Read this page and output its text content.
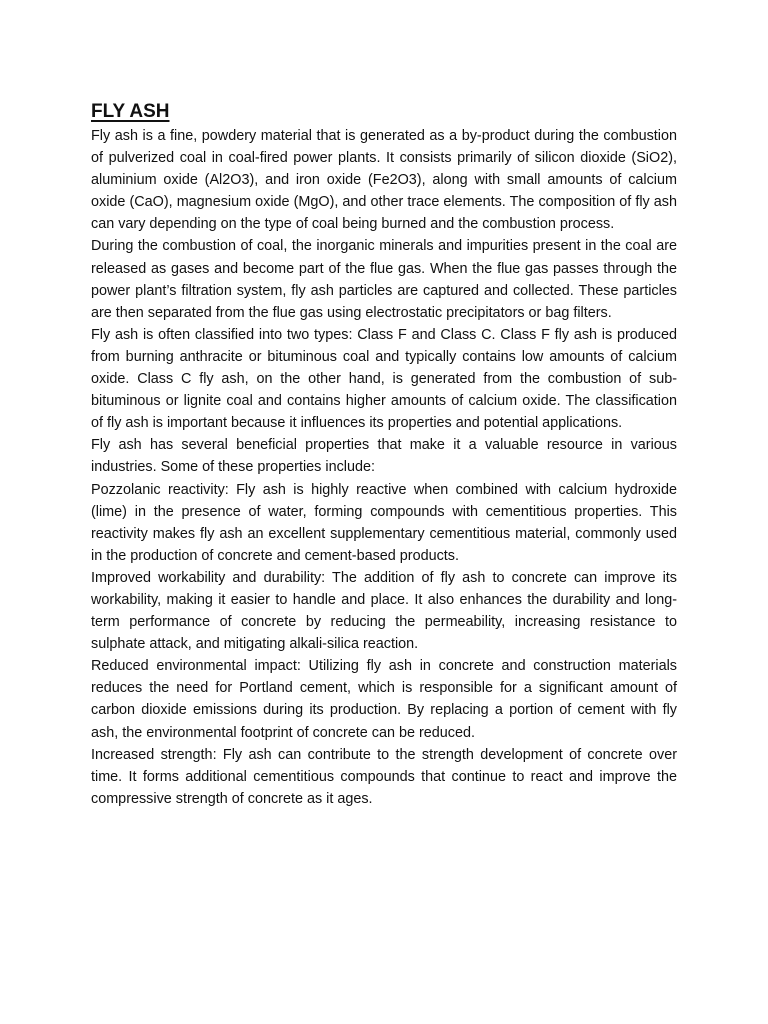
FLY ASH

Fly ash is a fine, powdery material that is generated as a by-product during the combustion of pulverized coal in coal-fired power plants. It consists primarily of silicon dioxide (SiO2), aluminium oxide (Al2O3), and iron oxide (Fe2O3), along with small amounts of calcium oxide (CaO), magnesium oxide (MgO), and other trace elements. The composition of fly ash can vary depending on the type of coal being burned and the combustion process.

During the combustion of coal, the inorganic minerals and impurities present in the coal are released as gases and become part of the flue gas. When the flue gas passes through the power plant’s filtration system, fly ash particles are captured and collected. These particles are then separated from the flue gas using electrostatic precipitators or bag filters.

Fly ash is often classified into two types: Class F and Class C. Class F fly ash is produced from burning anthracite or bituminous coal and typically contains low amounts of calcium oxide. Class C fly ash, on the other hand, is generated from the combustion of sub-bituminous or lignite coal and contains higher amounts of calcium oxide. The classification of fly ash is important because it influences its properties and potential applications.

Fly ash has several beneficial properties that make it a valuable resource in various industries. Some of these properties include:

Pozzolanic reactivity: Fly ash is highly reactive when combined with calcium hydroxide (lime) in the presence of water, forming compounds with cementitious properties. This reactivity makes fly ash an excellent supplementary cementitious material, commonly used in the production of concrete and cement-based products.

Improved workability and durability: The addition of fly ash to concrete can improve its workability, making it easier to handle and place. It also enhances the durability and long-term performance of concrete by reducing the permeability, increasing resistance to sulphate attack, and mitigating alkali-silica reaction.

Reduced environmental impact: Utilizing fly ash in concrete and construction materials reduces the need for Portland cement, which is responsible for a significant amount of carbon dioxide emissions during its production. By replacing a portion of cement with fly ash, the environmental footprint of concrete can be reduced.

Increased strength: Fly ash can contribute to the strength development of concrete over time. It forms additional cementitious compounds that continue to react and improve the compressive strength of concrete as it ages.
